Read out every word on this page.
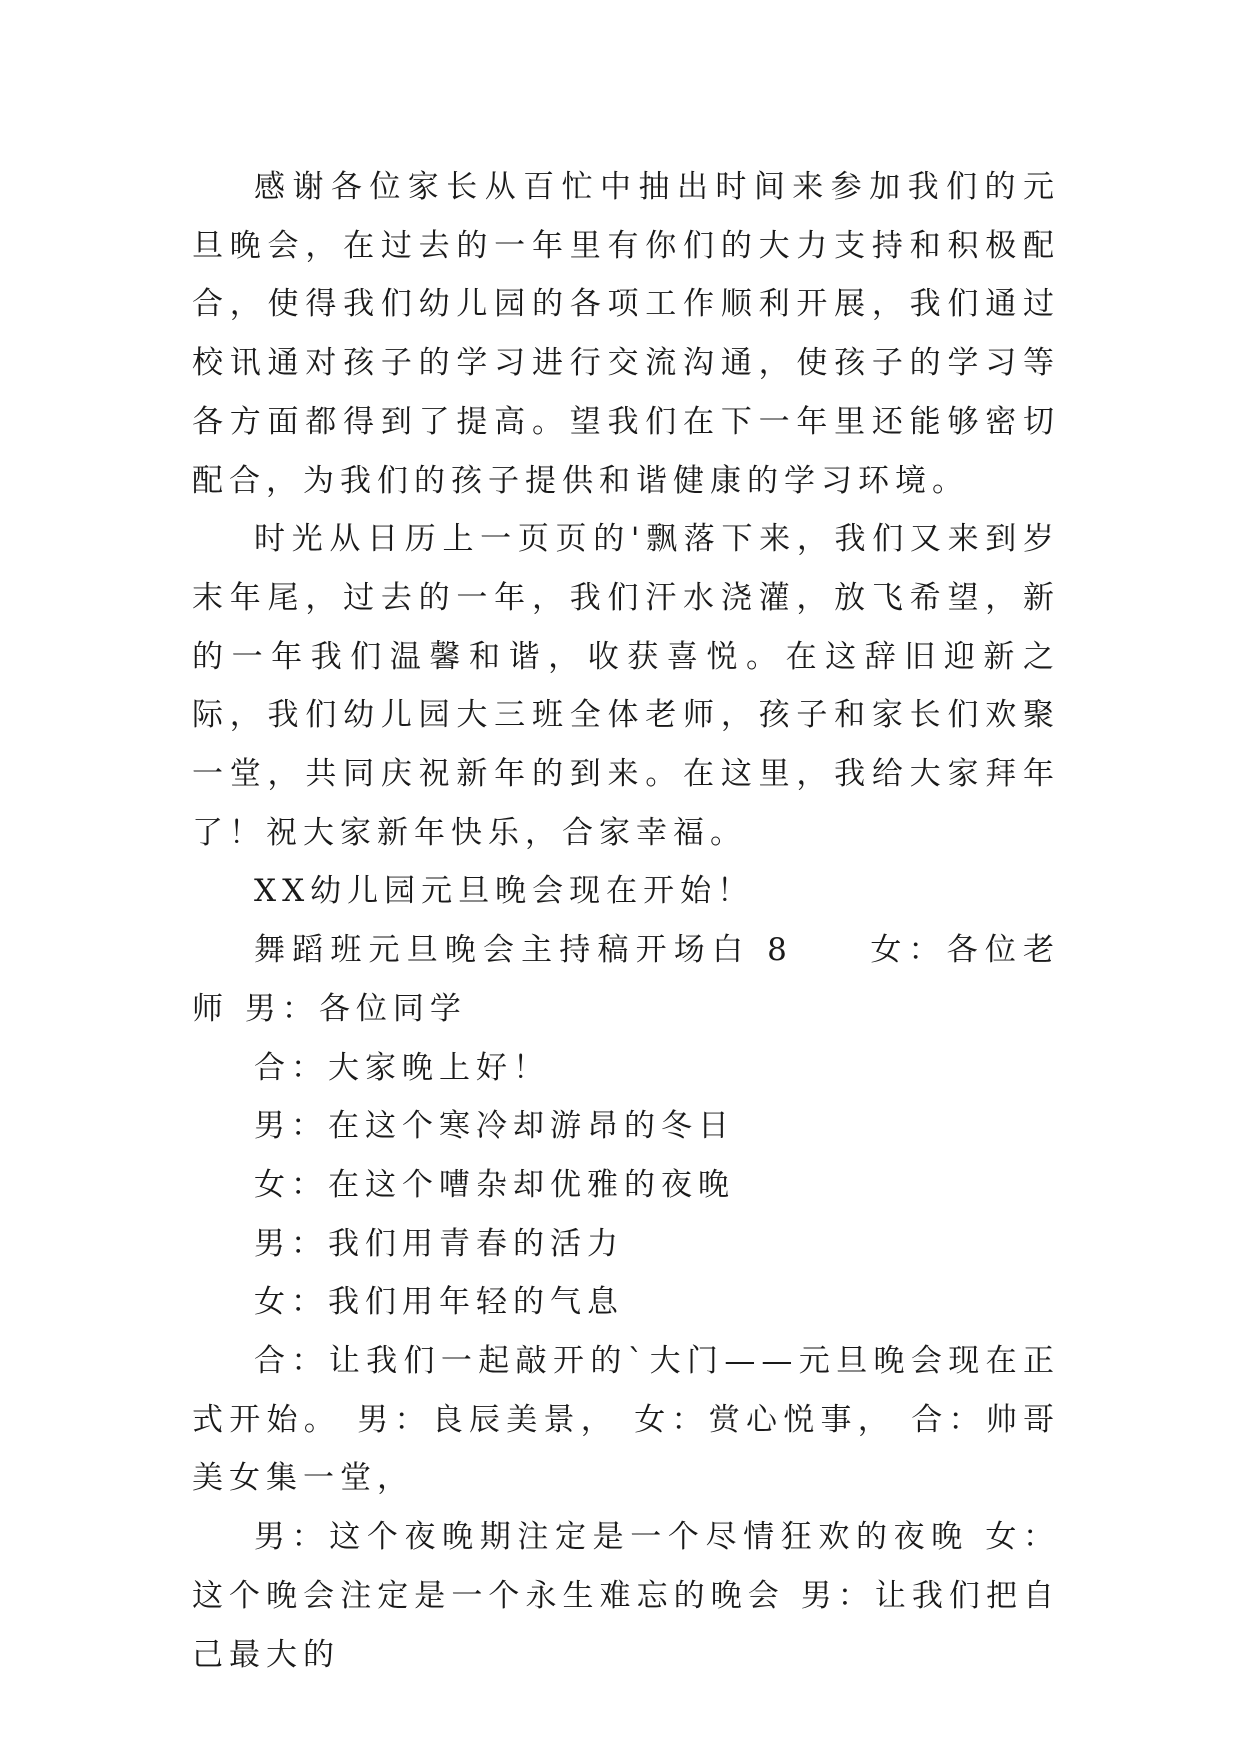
感谢各位家长从百忙中抽出时间来参加我们的元旦晚会，在过去的一年里有你们的大力支持和积极配合，使得我们幼儿园的各项工作顺利开展，我们通过校讯通对孩子的学习进行交流沟通，使孩子的学习等各方面都得到了提高。望我们在下一年里还能够密切配合，为我们的孩子提供和谐健康的学习环境。

时光从日历上一页页的'飘落下来，我们又来到岁末年尾，过去的一年，我们汗水浇灌，放飞希望，新的一年我们温馨和谐，收获喜悦。在这辞旧迎新之际，我们幼儿园大三班全体老师，孩子和家长们欢聚一堂，共同庆祝新年的到来。在这里，我给大家拜年了！祝大家新年快乐，合家幸福。

XX幼儿园元旦晚会现在开始！

舞蹈班元旦晚会主持稿开场白 8　　女：各位老师 男：各位同学

合：大家晚上好！

男：在这个寒冷却游昂的冬日

女：在这个嘈杂却优雅的夜晚

男：我们用青春的活力

女：我们用年轻的气息

合：让我们一起敲开的`大门——元旦晚会现在正式开始。 男：良辰美景， 女：赏心悦事， 合：帅哥美女集一堂，

男：这个夜晚期注定是一个尽情狂欢的夜晚 女：这个晚会注定是一个永生难忘的晚会 男：让我们把自己最大的
